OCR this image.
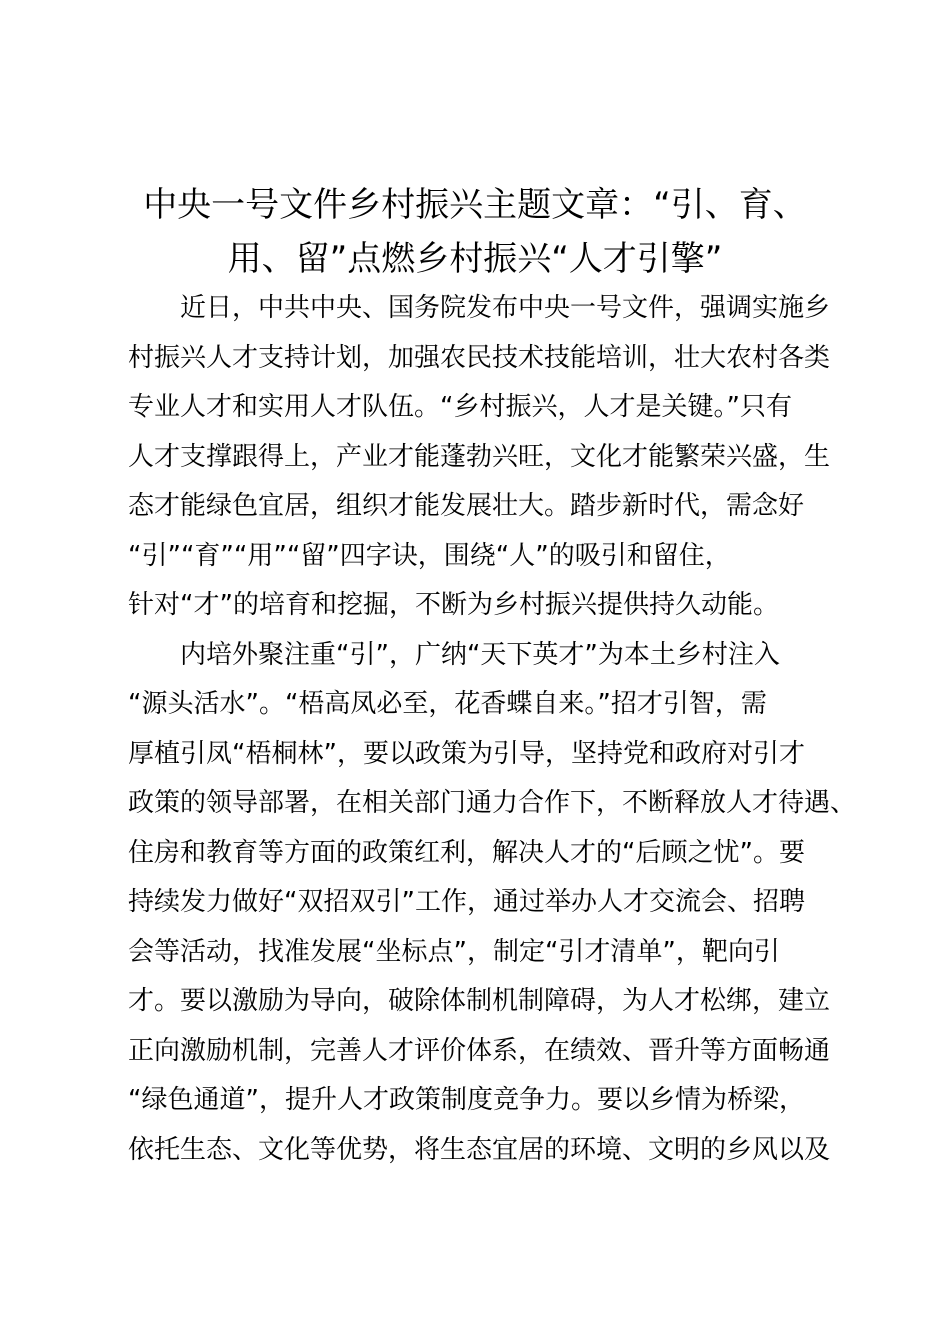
中央一号文件乡村振兴主题文章：“引、育、
用、留”点燃乡村振兴“人才引擎”
近日，中共中央、国务院发布中央一号文件，强调实施乡
村振兴人才支持计划，加强农民技术技能培训，壮大农村各类
专业人才和实用人才队伍。“乡村振兴，人才是关键。”只有
人才支撑跟得上，产业才能蓬勃兴旺，文化才能繁荣兴盛，生
态才能绿色宜居，组织才能发展壮大。踏步新时代，需念好
“引”“育”“用”“留”四字诀，围绕“人”的吸引和留住，
针对“才”的培育和挖掘，不断为乡村振兴提供持久动能。
内培外聚注重“引”，广纳“天下英才”为本土乡村注入
“源头活水”。“梧高凤必至，花香蝶自来。”招才引智，需
厚植引凤“梧桐林”，要以政策为引导，坚持党和政府对引才
政策的领导部署，在相关部门通力合作下，不断释放人才待遇、
住房和教育等方面的政策红利，解决人才的“后顾之忧”。要
持续发力做好“双招双引”工作，通过举办人才交流会、招聘
会等活动，找准发展“坐标点”，制定“引才清单”，靶向引
才。要以激励为导向，破除体制机制障碍，为人才松绑，建立
正向激励机制，完善人才评价体系，在绩效、晋升等方面畅通
“绿色通道”，提升人才政策制度竞争力。要以乡情为桥梁，
依托生态、文化等优势，将生态宜居的环境、文明的乡风以及
